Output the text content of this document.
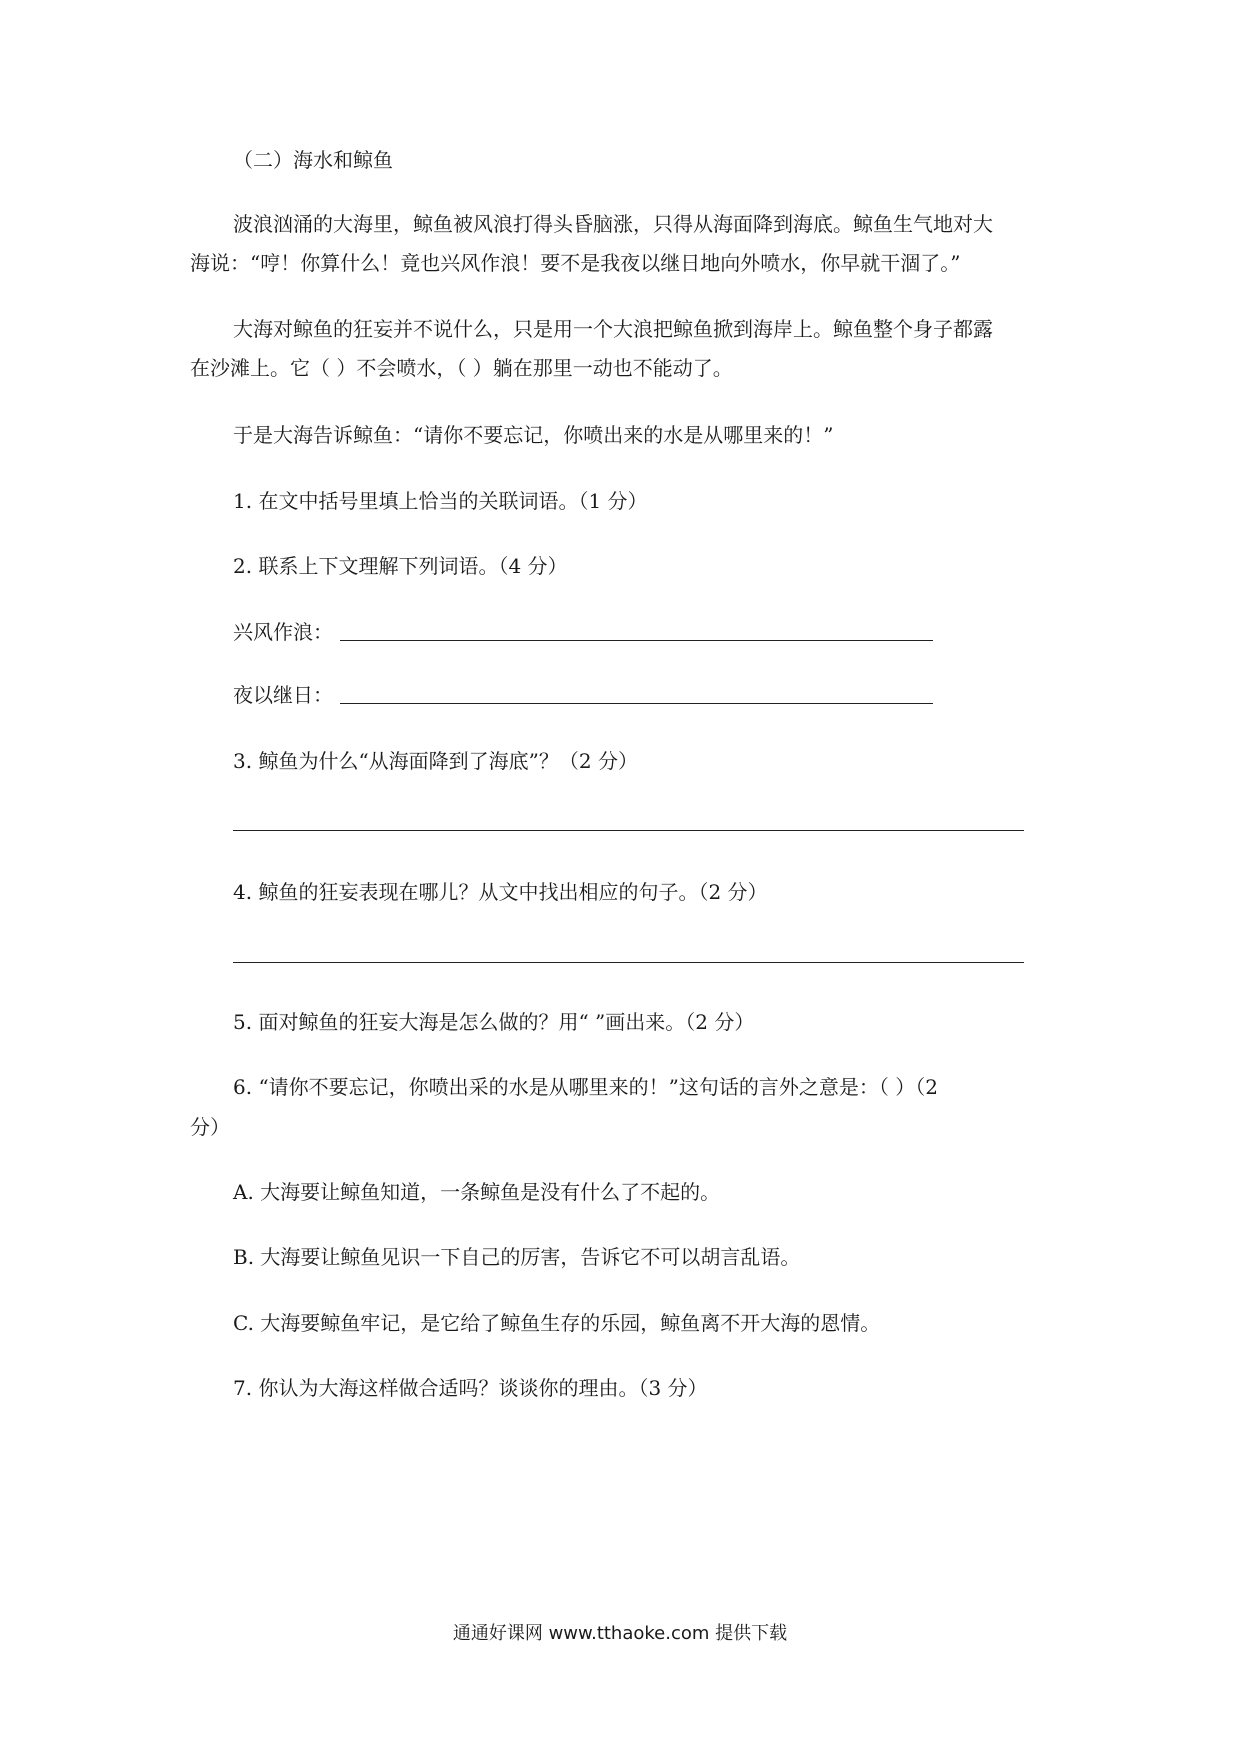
（二）海水和鲸鱼
波浪汹涌的大海里，鲸鱼被风浪打得头昏脑涨，只得从海面降到海底。鲸鱼生气地对大
海说：“哼！你算什么！竟也兴风作浪！要不是我夜以继日地向外喷水，你早就干涸了。”
大海对鲸鱼的狂妄并不说什么，只是用一个大浪把鲸鱼掀到海岸上。鲸鱼整个身子都露
在沙滩上。它（ ）不会喷水，（ ）躺在那里一动也不能动了。
于是大海告诉鲸鱼：“请你不要忘记，你喷出来的水是从哪里来的！”
1. 在文中括号里填上恰当的关联词语。（1 分）
2. 联系上下文理解下列词语。（4 分）
兴风作浪：
夜以继日：
3. 鲸鱼为什么“从海面降到了海底”？（2 分）
4. 鲸鱼的狂妄表现在哪儿？从文中找出相应的句子。（2 分）
5. 面对鲸鱼的狂妄大海是怎么做的？用“ ”画出来。（2 分）
6. “请你不要忘记，你喷出采的水是从哪里来的！”这句话的言外之意是：（ ）（2
分）
A. 大海要让鲸鱼知道，一条鲸鱼是没有什么了不起的。
B. 大海要让鲸鱼见识一下自己的厉害，告诉它不可以胡言乱语。
C. 大海要鲸鱼牢记，是它给了鲸鱼生存的乐园，鲸鱼离不开大海的恩情。
7. 你认为大海这样做合适吗？谈谈你的理由。（3 分）
通通好课网 www.tthaoke.com 提供下载
